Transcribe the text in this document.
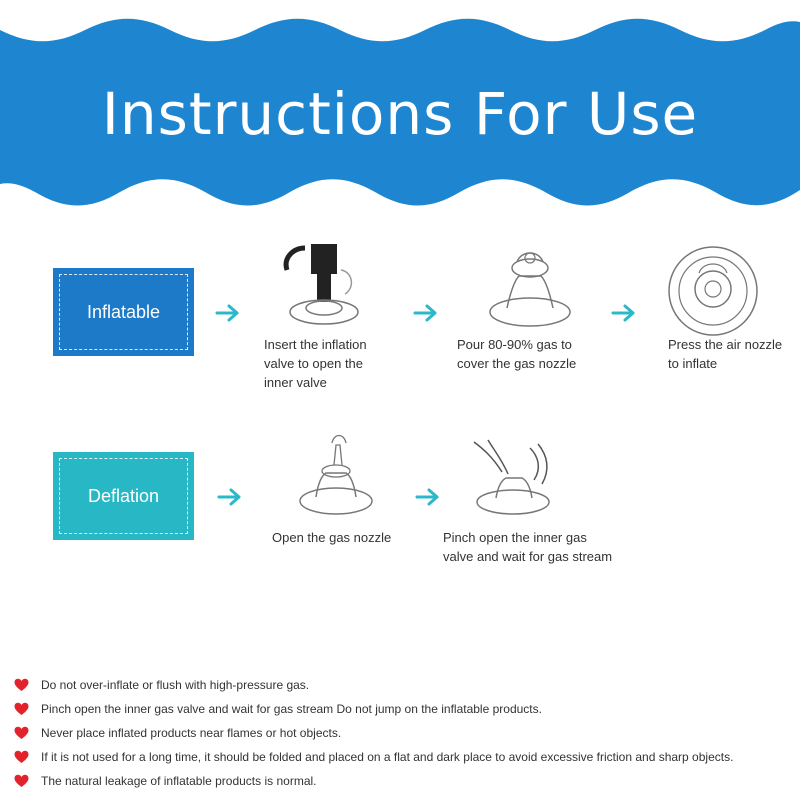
Instructions For Use
Inflatable
Insert the inflation
valve to open the
inner valve
Pour 80-90% gas to
cover the gas nozzle
Press the air nozzle
to inflate
Deflation
Open the gas nozzle	Pinch open the inner gas
valve and wait for gas stream
Do not over-inflate or flush with high-pressure gas.
Pinch open the inner gas valve and wait for gas stream Do not jump on the inflatable products.
Never place inflated products near flames or hot objects.
If it is not used for a long time, it should be folded and placed on a flat and dark place to avoid excessive friction and sharp objects.
The natural leakage of inflatable products is normal.
